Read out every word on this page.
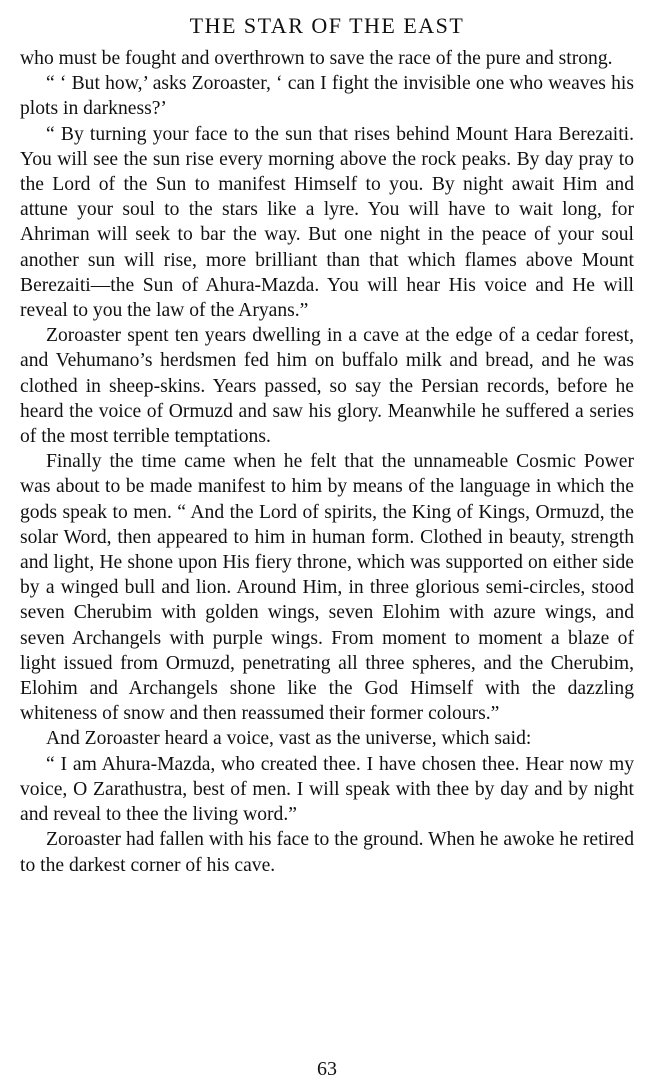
THE STAR OF THE EAST

who must be fought and overthrown to save the race of the pure and strong.

“ ‘ But how,’ asks Zoroaster, ‘ can I fight the invisible one who weaves his plots in darkness?’

“ By turning your face to the sun that rises behind Mount Hara Berezaiti. You will see the sun rise every morning above the rock peaks. By day pray to the Lord of the Sun to manifest Himself to you. By night await Him and attune your soul to the stars like a lyre. You will have to wait long, for Ahriman will seek to bar the way. But one night in the peace of your soul another sun will rise, more brilliant than that which flames above Mount Berezaiti—the Sun of Ahura-Mazda. You will hear His voice and He will reveal to you the law of the Aryans.”

Zoroaster spent ten years dwelling in a cave at the edge of a cedar forest, and Vehumano’s herdsmen fed him on buffalo milk and bread, and he was clothed in sheep-skins. Years passed, so say the Persian records, before he heard the voice of Ormuzd and saw his glory. Meanwhile he suffered a series of the most terrible temptations.

Finally the time came when he felt that the unnameable Cosmic Power was about to be made manifest to him by means of the language in which the gods speak to men. “ And the Lord of spirits, the King of Kings, Ormuzd, the solar Word, then appeared to him in human form. Clothed in beauty, strength and light, He shone upon His fiery throne, which was supported on either side by a winged bull and lion. Around Him, in three glorious semi-circles, stood seven Cherubim with golden wings, seven Elohim with azure wings, and seven Archangels with purple wings. From moment to moment a blaze of light issued from Ormuzd, penetrating all three spheres, and the Cherubim, Elohim and Archangels shone like the God Himself with the dazzling whiteness of snow and then reassumed their former colours.”

And Zoroaster heard a voice, vast as the universe, which said:

“ I am Ahura-Mazda, who created thee. I have chosen thee. Hear now my voice, O Zarathustra, best of men. I will speak with thee by day and by night and reveal to thee the living word.”

Zoroaster had fallen with his face to the ground. When he awoke he retired to the darkest corner of his cave.

63
